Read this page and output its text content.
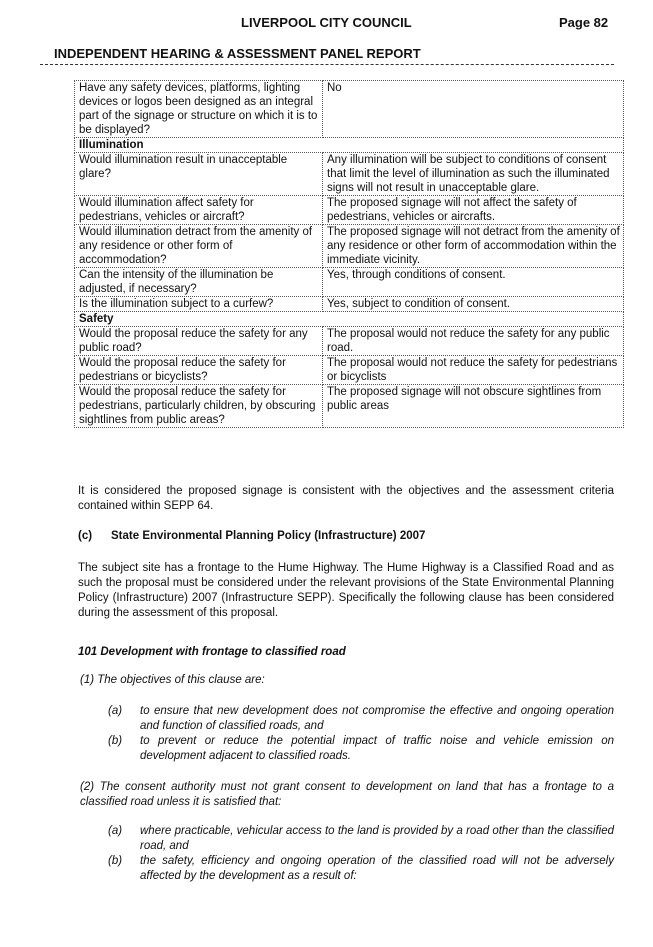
LIVERPOOL CITY COUNCIL	Page 82
INDEPENDENT HEARING & ASSESSMENT PANEL REPORT
Have any safety devices, platforms, lighting devices or logos been designed as an integral part of the signage or structure on which it is to be displayed?	No
Illumination	
Would illumination result in unacceptable glare?	Any illumination will be subject to conditions of consent that limit the level of illumination as such the illuminated signs will not result in unacceptable glare.
Would illumination affect safety for pedestrians, vehicles or aircraft?	The proposed signage will not affect the safety of pedestrians, vehicles or aircrafts.
Would illumination detract from the amenity of any residence or other form of accommodation?	The proposed signage will not detract from the amenity of any residence or other form of accommodation within the immediate vicinity.
Can the intensity of the illumination be adjusted, if necessary?	Yes, through conditions of consent.
Is the illumination subject to a curfew?	Yes, subject to condition of consent.
Safety	
Would the proposal reduce the safety for any public road?	The proposal would not reduce the safety for any public road.
Would the proposal reduce the safety for pedestrians or bicyclists?	The proposal would not reduce the safety for pedestrians or bicyclists
Would the proposal reduce the safety for pedestrians, particularly children, by obscuring sightlines from public areas?	The proposed signage will not obscure sightlines from public areas
It is considered the proposed signage is consistent with the objectives and the assessment criteria contained within SEPP 64.
(c) State Environmental Planning Policy (Infrastructure) 2007
The subject site has a frontage to the Hume Highway. The Hume Highway is a Classified Road and as such the proposal must be considered under the relevant provisions of the State Environmental Planning Policy (Infrastructure) 2007 (Infrastructure SEPP). Specifically the following clause has been considered during the assessment of this proposal.
101 Development with frontage to classified road
(1) The objectives of this clause are:
(a) to ensure that new development does not compromise the effective and ongoing operation and function of classified roads, and
(b) to prevent or reduce the potential impact of traffic noise and vehicle emission on development adjacent to classified roads.
(2) The consent authority must not grant consent to development on land that has a frontage to a classified road unless it is satisfied that:
(a) where practicable, vehicular access to the land is provided by a road other than the classified road, and
(b) the safety, efficiency and ongoing operation of the classified road will not be adversely affected by the development as a result of:
